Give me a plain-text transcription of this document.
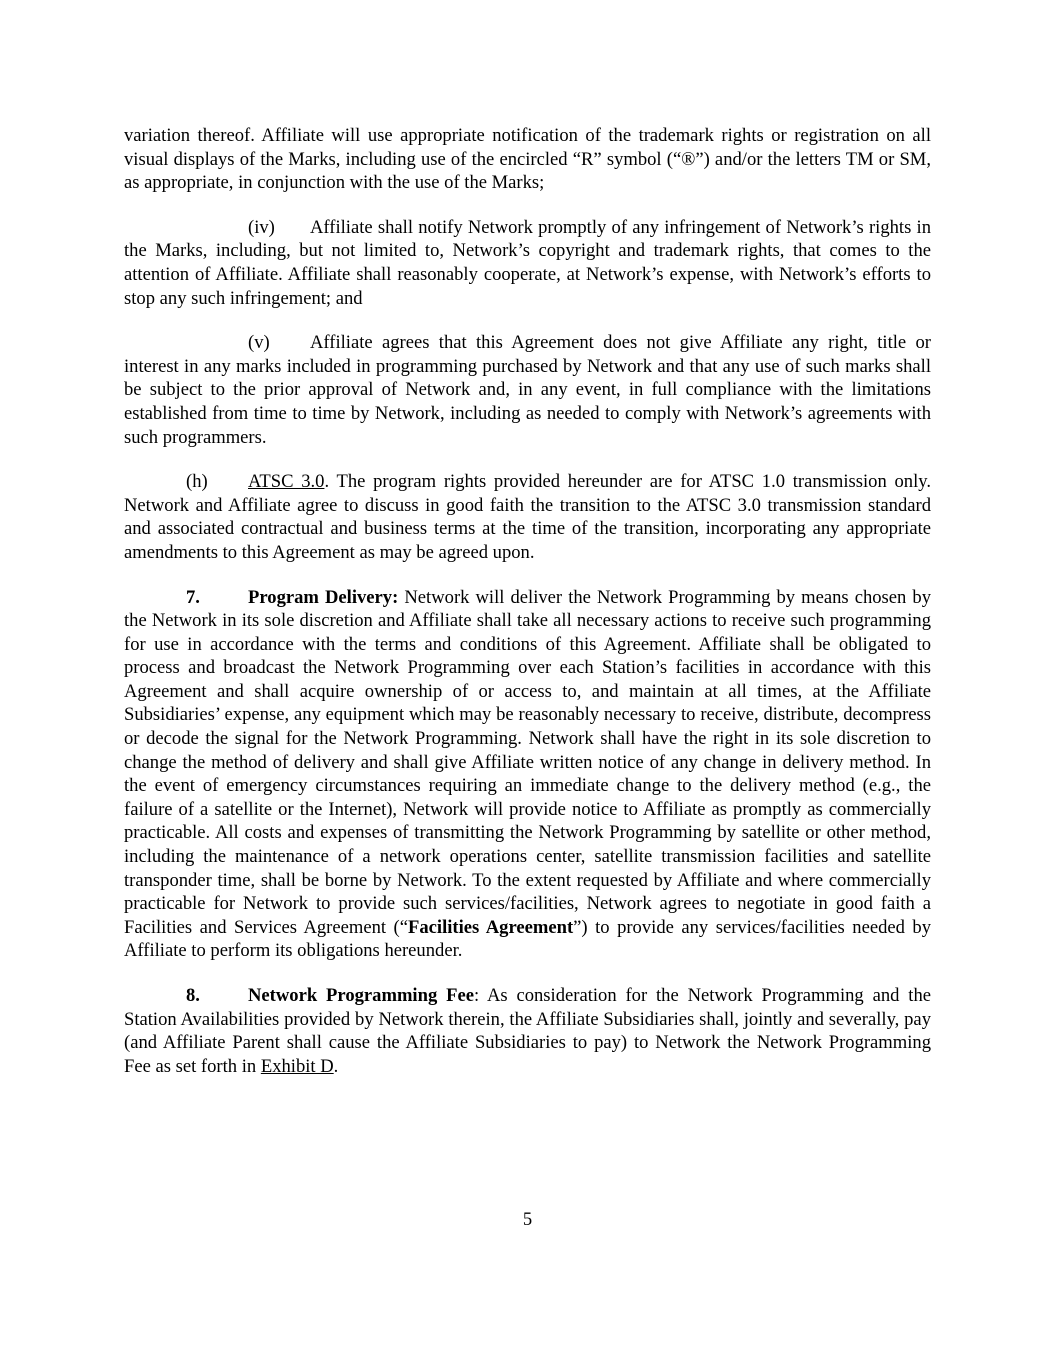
variation thereof. Affiliate will use appropriate notification of the trademark rights or registration on all visual displays of the Marks, including use of the encircled “R” symbol (“®”) and/or the letters TM or SM, as appropriate, in conjunction with the use of the Marks;

(iv) Affiliate shall notify Network promptly of any infringement of Network’s rights in the Marks, including, but not limited to, Network’s copyright and trademark rights, that comes to the attention of Affiliate. Affiliate shall reasonably cooperate, at Network’s expense, with Network’s efforts to stop any such infringement; and

(v) Affiliate agrees that this Agreement does not give Affiliate any right, title or interest in any marks included in programming purchased by Network and that any use of such marks shall be subject to the prior approval of Network and, in any event, in full compliance with the limitations established from time to time by Network, including as needed to comply with Network’s agreements with such programmers.

(h) ATSC 3.0. The program rights provided hereunder are for ATSC 1.0 transmission only. Network and Affiliate agree to discuss in good faith the transition to the ATSC 3.0 transmission standard and associated contractual and business terms at the time of the transition, incorporating any appropriate amendments to this Agreement as may be agreed upon.

7.	Program Delivery: Network will deliver the Network Programming by means chosen by the Network in its sole discretion and Affiliate shall take all necessary actions to receive such programming for use in accordance with the terms and conditions of this Agreement. Affiliate shall be obligated to process and broadcast the Network Programming over each Station’s facilities in accordance with this Agreement and shall acquire ownership of or access to, and maintain at all times, at the Affiliate Subsidiaries’ expense, any equipment which may be reasonably necessary to receive, distribute, decompress or decode the signal for the Network Programming. Network shall have the right in its sole discretion to change the method of delivery and shall give Affiliate written notice of any change in delivery method. In the event of emergency circumstances requiring an immediate change to the delivery method (e.g., the failure of a satellite or the Internet), Network will provide notice to Affiliate as promptly as commercially practicable. All costs and expenses of transmitting the Network Programming by satellite or other method, including the maintenance of a network operations center, satellite transmission facilities and satellite transponder time, shall be borne by Network. To the extent requested by Affiliate and where commercially practicable for Network to provide such services/facilities, Network agrees to negotiate in good faith a Facilities and Services Agreement (“Facilities Agreement”) to provide any services/facilities needed by Affiliate to perform its obligations hereunder.

8.	Network Programming Fee: As consideration for the Network Programming and the Station Availabilities provided by Network therein, the Affiliate Subsidiaries shall, jointly and severally, pay (and Affiliate Parent shall cause the Affiliate Subsidiaries to pay) to Network the Network Programming Fee as set forth in Exhibit D.

5
